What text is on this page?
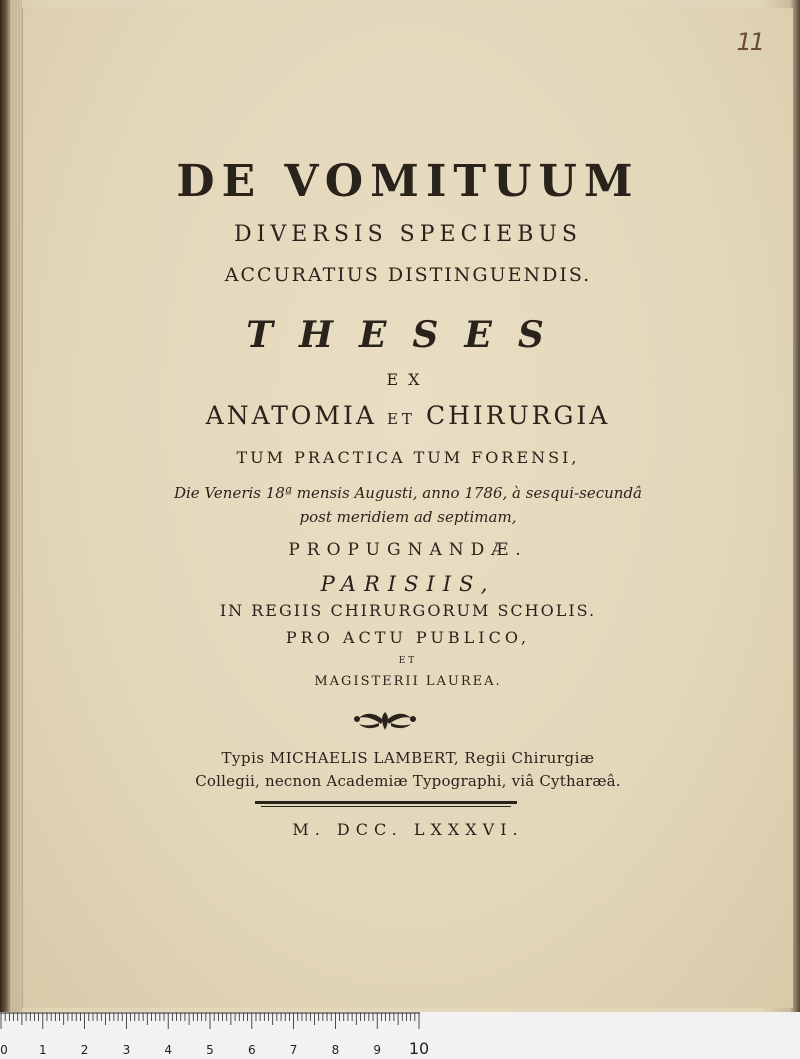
11
DE VOMITUUM
DIVERSIS SPECIEBUS
ACCURATIUS DISTINGUENDIS.
THESES
EX
ANATOMIA ET CHIRURGIA
TUM PRACTICA TUM FORENSI,
Die Veneris 18ª mensis Augusti, anno 1786, à sesqui-secundâ
post meridiem ad septimam,
PROPUGNANDÆ.
PARISIIS,
IN REGIIS CHIRURGORUM SCHOLIS.
PRO ACTU PUBLICO,
ET
MAGISTERII LAUREA.
Typis MICHAELIS LAMBERT, Regii Chirurgiæ
Collegii, necnon Academiæ Typographi, viâ Cytharæâ.
M. DCC. LXXXVI.
0	1	2	3	4	5	6	7	8	9 10
